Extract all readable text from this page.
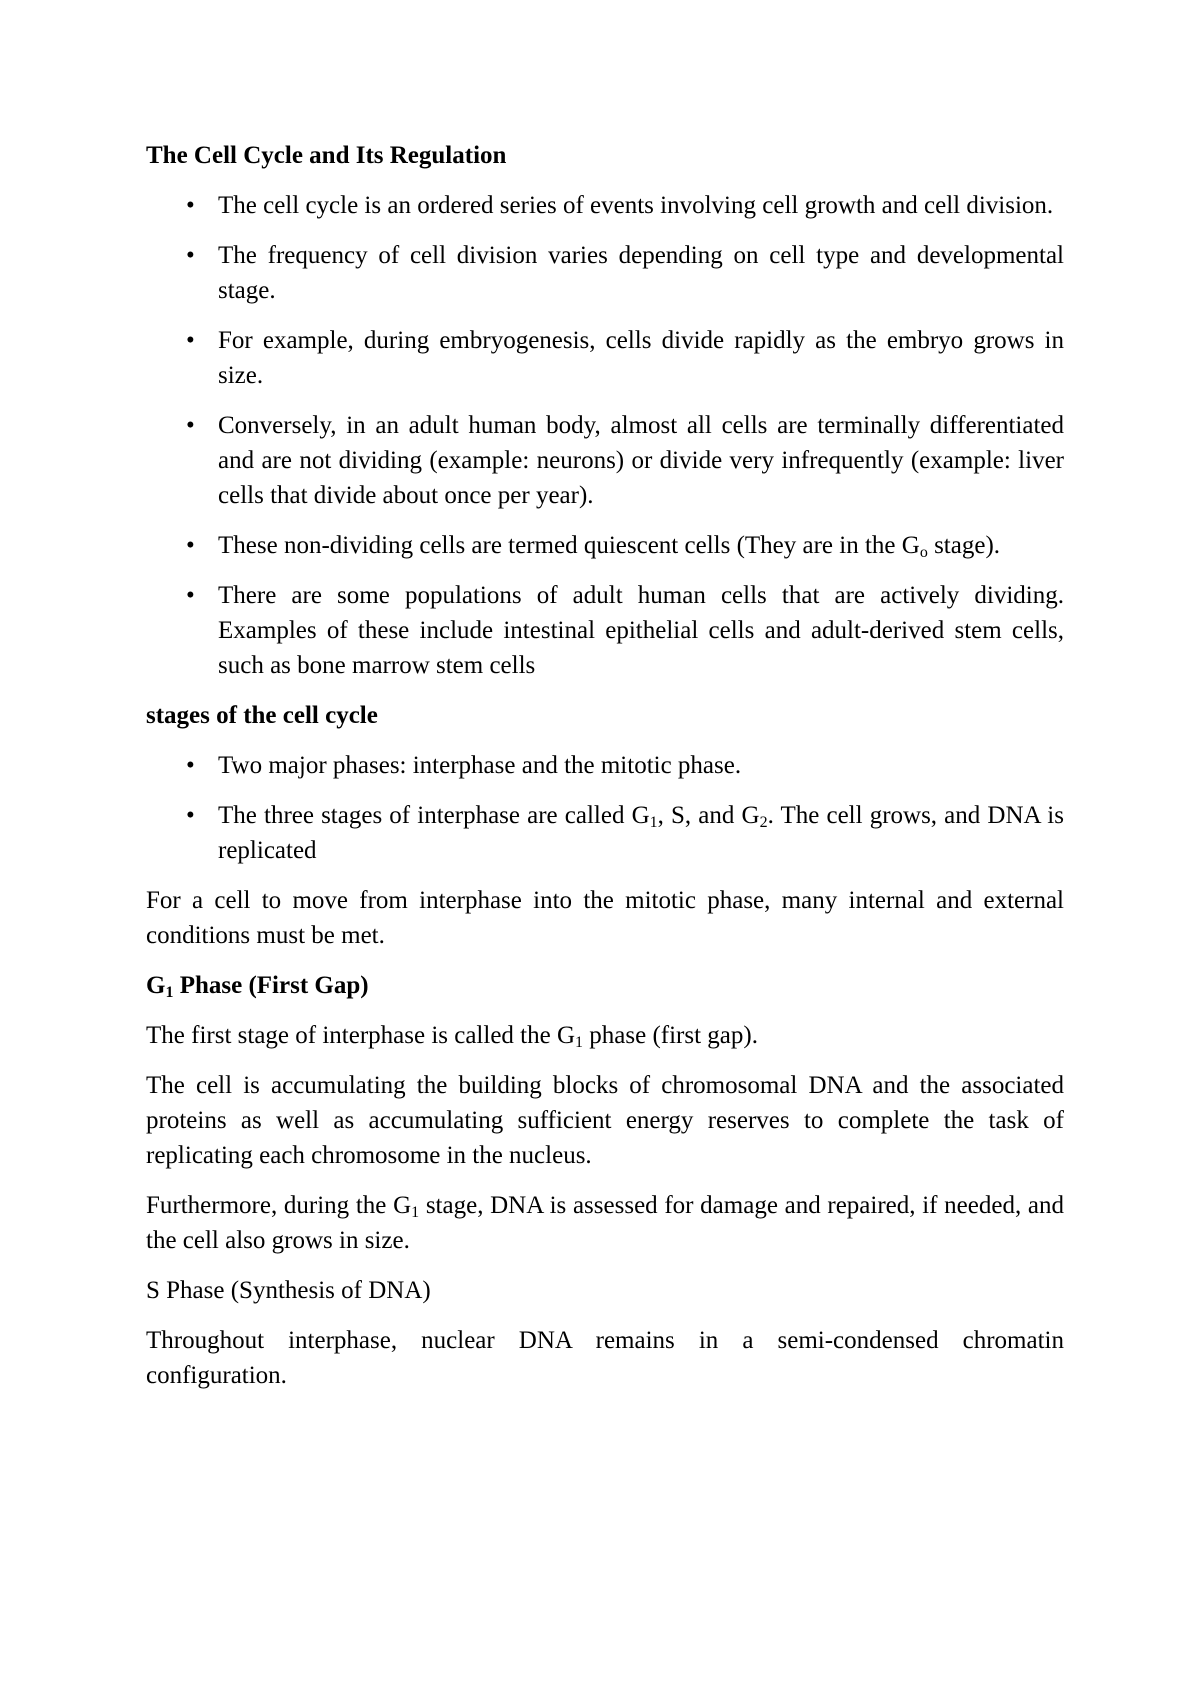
The Cell Cycle and Its Regulation
• The cell cycle is an ordered series of events involving cell growth and cell division.
• The frequency of cell division varies depending on cell type and developmental stage.
• For example, during embryogenesis, cells divide rapidly as the embryo grows in size.
• Conversely, in an adult human body, almost all cells are terminally differentiated and are not dividing (example: neurons) or divide very infrequently (example: liver cells that divide about once per year).
• These non-dividing cells are termed quiescent cells (They are in the $G_o$ stage).
• There are some populations of adult human cells that are actively dividing. Examples of these include intestinal epithelial cells and adult-derived stem cells, such as bone marrow stem cells
stages of the cell cycle
• Two major phases: interphase and the mitotic phase.
• The three stages of interphase are called $G_1$, S, and $G_2$. The cell grows, and DNA is replicated

For a cell to move from interphase into the mitotic phase, many internal and external conditions must be met.

$G_1$ Phase (First Gap)

The first stage of interphase is called the $G_1$ phase (first gap).

The cell is accumulating the building blocks of chromosomal DNA and the associated proteins as well as accumulating sufficient energy reserves to complete the task of replicating each chromosome in the nucleus.

Furthermore, during the $G_1$ stage, DNA is assessed for damage and repaired, if needed, and the cell also grows in size.

S Phase (Synthesis of DNA)

Throughout interphase, nuclear DNA remains in a semi-condensed chromatin configuration.
